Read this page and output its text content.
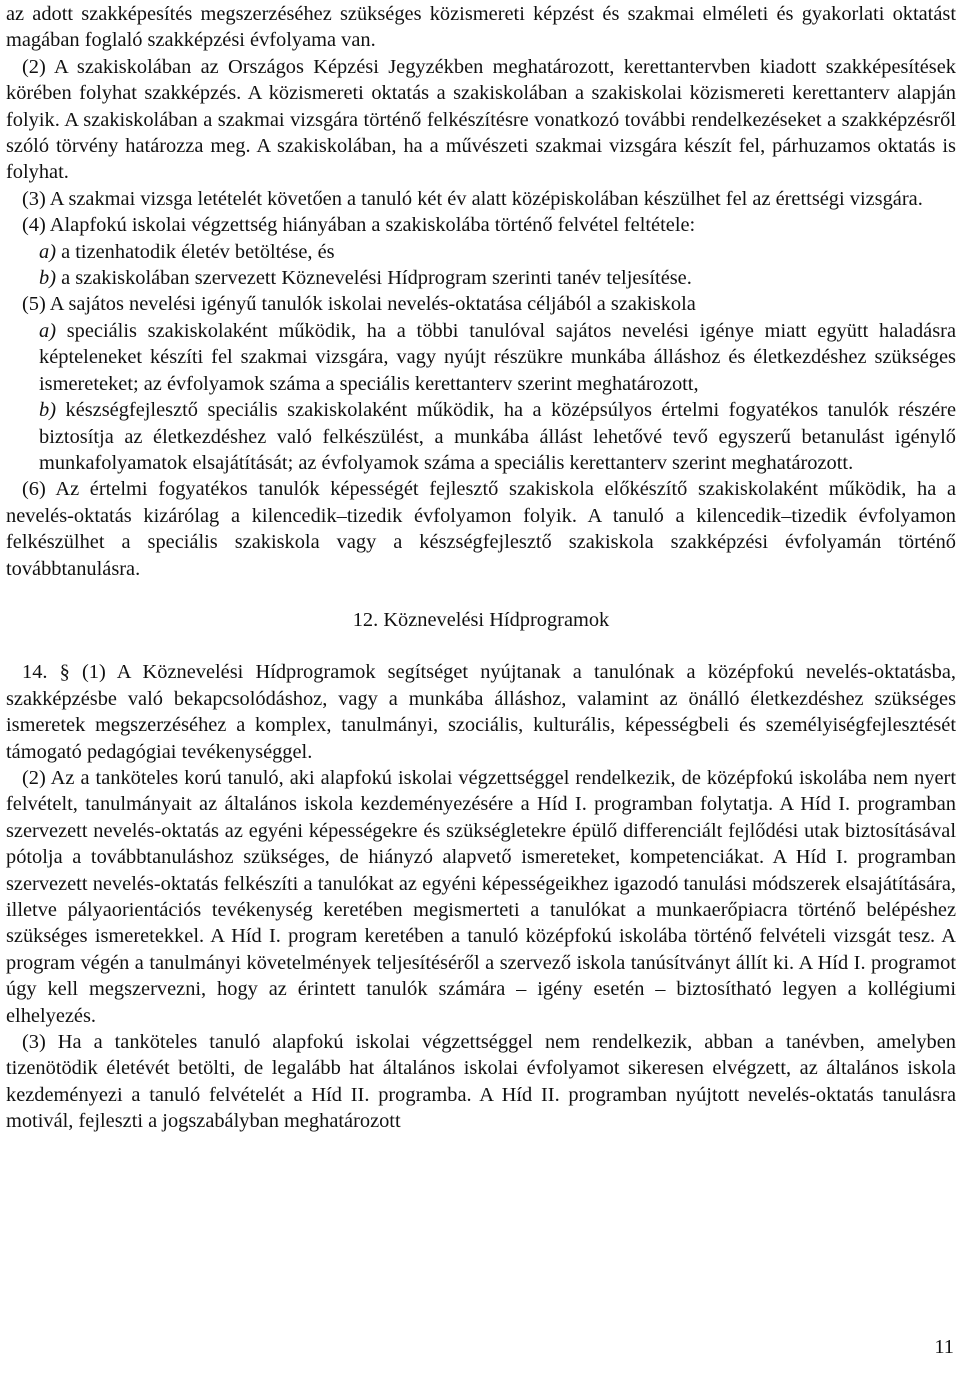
az adott szakképesítés megszerzéséhez szükséges közismereti képzést és szakmai elméleti és gyakorlati oktatást magában foglaló szakképzési évfolyama van.

(2) A szakiskolában az Országos Képzési Jegyzékben meghatározott, kerettantervben kiadott szakképesítések körében folyhat szakképzés. A közismereti oktatás a szakiskolában a szakiskolai közismereti kerettanterv alapján folyik. A szakiskolában a szakmai vizsgára történő felkészítésre vonatkozó további rendelkezéseket a szakképzésről szóló törvény határozza meg. A szakiskolában, ha a művészeti szakmai vizsgára készít fel, párhuzamos oktatás is folyhat.

(3) A szakmai vizsga letételét követően a tanuló két év alatt középiskolában készülhet fel az érettségi vizsgára.

(4) Alapfokú iskolai végzettség hiányában a szakiskolába történő felvétel feltétele:

a) a tizenhatodik életév betöltése, és

b) a szakiskolában szervezett Köznevelési Hídprogram szerinti tanév teljesítése.

(5) A sajátos nevelési igényű tanulók iskolai nevelés-oktatása céljából a szakiskola

a) speciális szakiskolaként működik, ha a többi tanulóval sajátos nevelési igénye miatt együtt haladásra képteleneket készíti fel szakmai vizsgára, vagy nyújt részükre munkába álláshoz és életkezdéshez szükséges ismereteket; az évfolyamok száma a speciális kerettanterv szerint meghatározott,

b) készségfejlesztő speciális szakiskolaként működik, ha a középsúlyos értelmi fogyatékos tanulók részére biztosítja az életkezdéshez való felkészülést, a munkába állást lehetővé tevő egyszerű betanulást igénylő munkafolyamatok elsajátítását; az évfolyamok száma a speciális kerettanterv szerint meghatározott.

(6) Az értelmi fogyatékos tanulók képességét fejlesztő szakiskola előkészítő szakiskolaként működik, ha a nevelés-oktatás kizárólag a kilencedik–tizedik évfolyamon folyik. A tanuló a kilencedik–tizedik évfolyamon felkészülhet a speciális szakiskola vagy a készségfejlesztő szakiskola szakképzési évfolyamán történő továbbtanulásra.

12. Köznevelési Hídprogramok

14. § (1) A Köznevelési Hídprogramok segítséget nyújtanak a tanulónak a középfokú nevelés-oktatásba, szakképzésbe való bekapcsolódáshoz, vagy a munkába álláshoz, valamint az önálló életkezdéshez szükséges ismeretek megszerzéséhez a komplex, tanulmányi, szociális, kulturális, képességbeli és személyiségfejlesztését támogató pedagógiai tevékenységgel.

(2) Az a tanköteles korú tanuló, aki alapfokú iskolai végzettséggel rendelkezik, de középfokú iskolába nem nyert felvételt, tanulmányait az általános iskola kezdeményezésére a Híd I. programban folytatja. A Híd I. programban szervezett nevelés-oktatás az egyéni képességekre és szükségletekre épülő differenciált fejlődési utak biztosításával pótolja a továbbtanuláshoz szükséges, de hiányzó alapvető ismereteket, kompetenciákat. A Híd I. programban szervezett nevelés-oktatás felkészíti a tanulókat az egyéni képességeikhez igazodó tanulási módszerek elsajátítására, illetve pályaorientációs tevékenység keretében megismerteti a tanulókat a munkaerőpiacra történő belépéshez szükséges ismeretekkel. A Híd I. program keretében a tanuló középfokú iskolába történő felvételi vizsgát tesz. A program végén a tanulmányi követelmények teljesítéséről a szervező iskola tanúsítványt állít ki. A Híd I. programot úgy kell megszervezni, hogy az érintett tanulók számára – igény esetén – biztosítható legyen a kollégiumi elhelyezés.

(3) Ha a tanköteles tanuló alapfokú iskolai végzettséggel nem rendelkezik, abban a tanévben, amelyben tizenötödik életévét betölti, de legalább hat általános iskolai évfolyamot sikeresen elvégzett, az általános iskola kezdeményezi a tanuló felvételét a Híd II. programba. A Híd II. programban nyújtott nevelés-oktatás tanulásra motivál, fejleszti a jogszabályban meghatározott

11
